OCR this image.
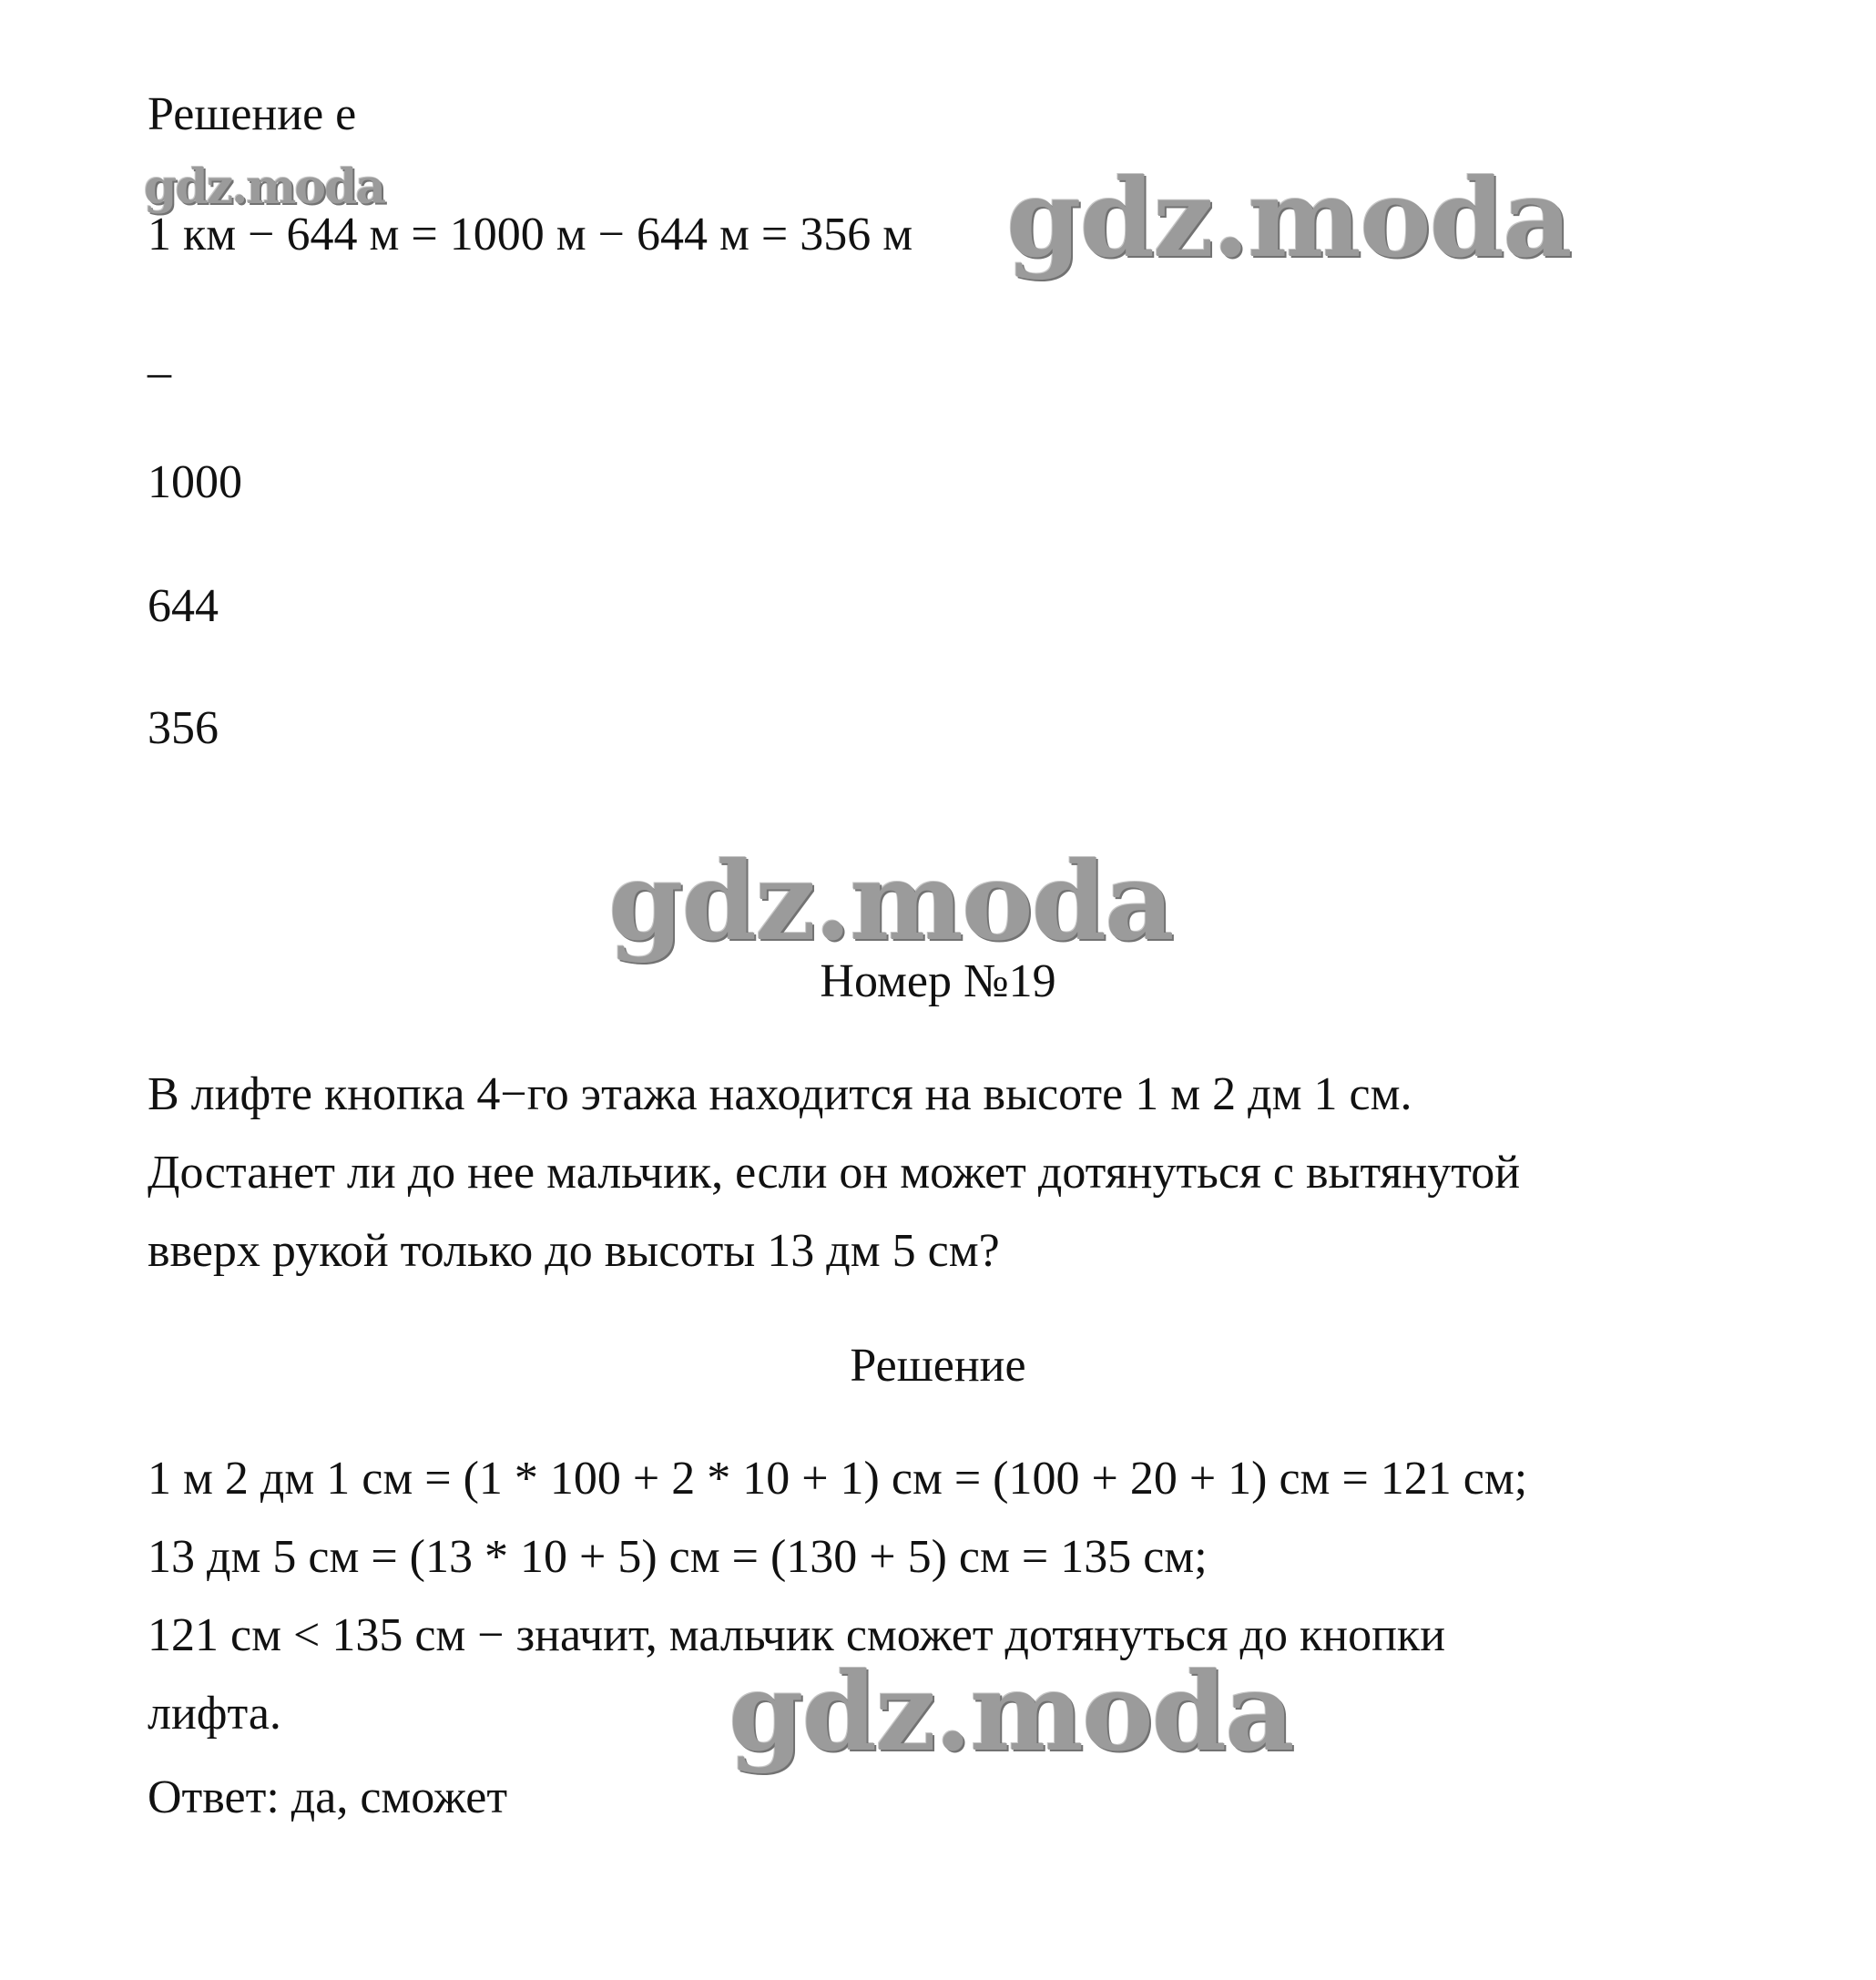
Решение е
gdz.moda
1 км − 644 м = 1000 м − 644 м = 356 м gdz.moda
_
1000
644
356
gdz.moda
Номер №19
В лифте кнопка 4−го этажа находится на высоте 1 м 2 дм 1 см.
Достанет ли до нее мальчик, если он может дотянуться с вытянутой
вверх рукой только до высоты 13 дм 5 см?
Решение
1 м 2 дм 1 см = (1 * 100 + 2 * 10 + 1) см = (100 + 20 + 1) см = 121 см;
13 дм 5 см = (13 * 10 + 5) см = (130 + 5) см = 135 см;
121 см < 135 см − значит, мальчик сможет дотянуться до кнопки
лифта.	gdz.moda
Ответ: да, сможет
